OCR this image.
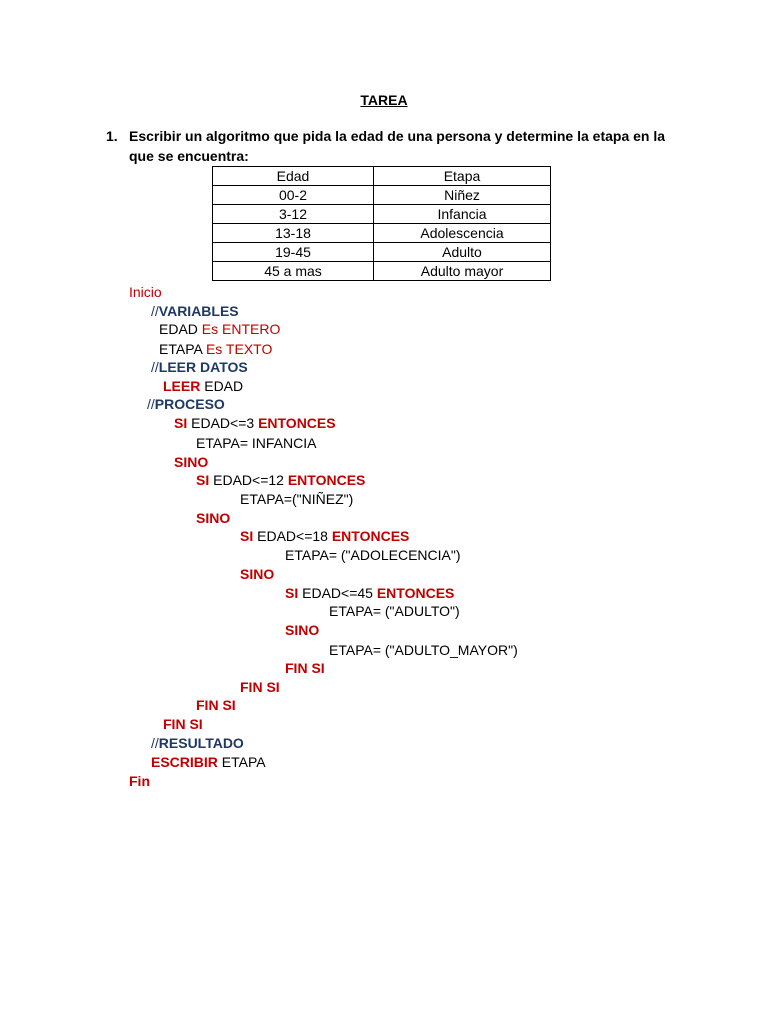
TAREA
1. Escribir un algoritmo que pida la edad de una persona y determine la etapa en la
que se encuentra:
Edad	Etapa
00-2	Niñez
3-12	Infancia
13-18	Adolescencia
19-45	Adulto
45 a mas	Adulto mayor
Inicio
//VARIABLES
EDAD Es ENTERO
ETAPA Es TEXTO
//LEER DATOS
LEER EDAD
//PROCESO
SI EDAD<=3 ENTONCES
ETAPA= INFANCIA
SINO
SI EDAD<=12 ENTONCES
ETAPA=("NIÑEZ")
SINO
SI EDAD<=18 ENTONCES
ETAPA= ("ADOLECENCIA")
SINO
SI EDAD<=45 ENTONCES
ETAPA= ("ADULTO")
SINO
ETAPA= ("ADULTO_MAYOR")
FIN SI
FIN SI
FIN SI
FIN SI
//RESULTADO
ESCRIBIR ETAPA
Fin
